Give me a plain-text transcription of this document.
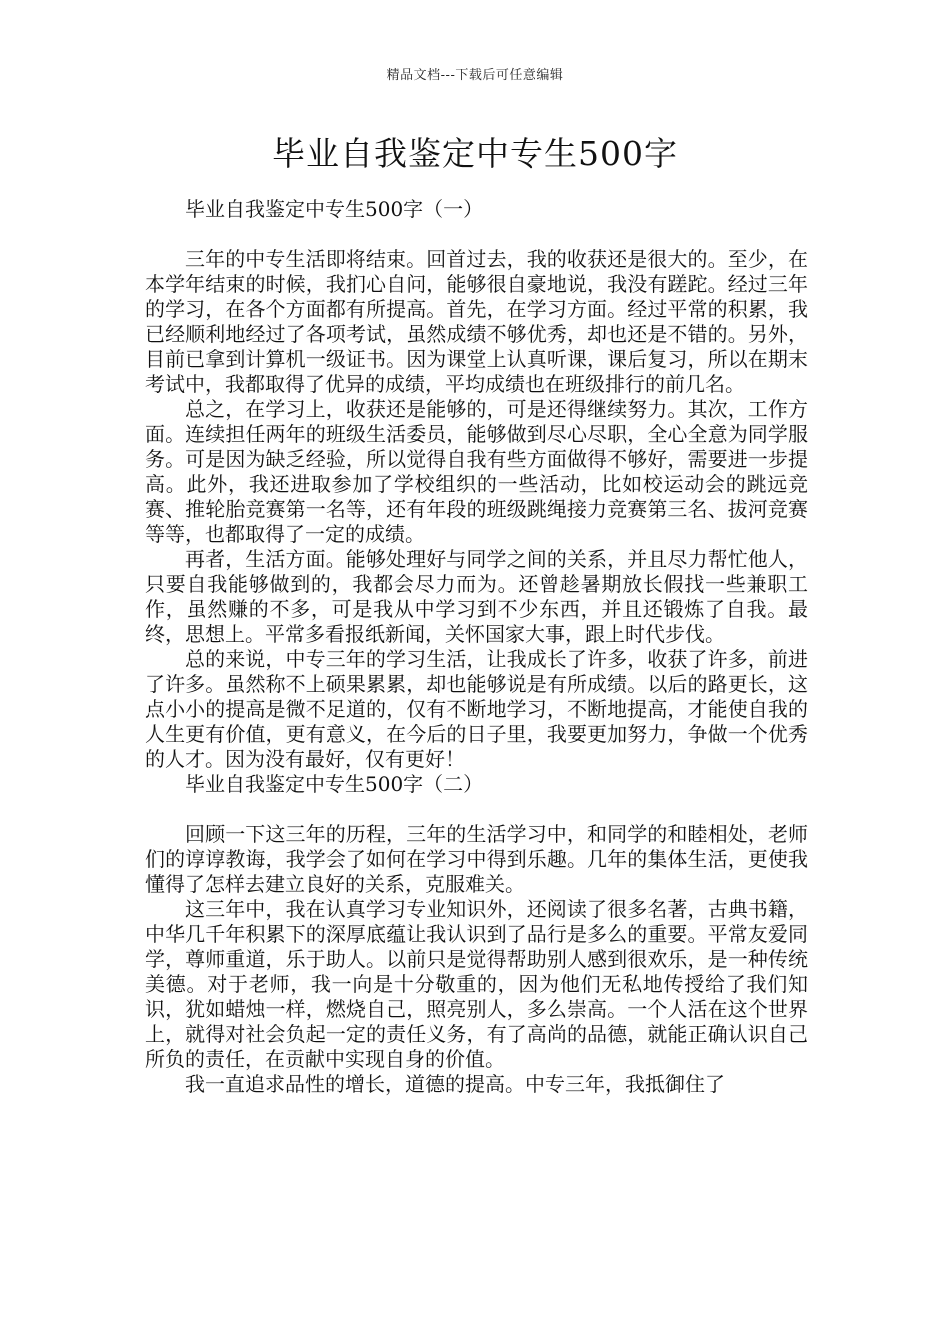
精品文档---下载后可任意编辑
毕业自我鉴定中专生500字

毕业自我鉴定中专生500字（一）

三年的中专生活即将结束。回首过去，我的收获还是很大的。至少，在本学年结束的时候，我扪心自问，能够很自豪地说，我没有蹉跎。经过三年的学习，在各个方面都有所提高。首先，在学习方面。经过平常的积累，我已经顺利地经过了各项考试，虽然成绩不够优秀，却也还是不错的。另外，目前已拿到计算机一级证书。因为课堂上认真听课，课后复习，所以在期末考试中，我都取得了优异的成绩，平均成绩也在班级排行的前几名。

总之，在学习上，收获还是能够的，可是还得继续努力。其次，工作方面。连续担任两年的班级生活委员，能够做到尽心尽职，全心全意为同学服务。可是因为缺乏经验，所以觉得自我有些方面做得不够好，需要进一步提高。此外，我还进取参加了学校组织的一些活动，比如校运动会的跳远竞赛、推轮胎竞赛第一名等，还有年段的班级跳绳接力竞赛第三名、拔河竞赛等等，也都取得了一定的成绩。

再者，生活方面。能够处理好与同学之间的关系，并且尽力帮忙他人，只要自我能够做到的，我都会尽力而为。还曾趁暑期放长假找一些兼职工作，虽然赚的不多，可是我从中学习到不少东西，并且还锻炼了自我。最终，思想上。平常多看报纸新闻，关怀国家大事，跟上时代步伐。

总的来说，中专三年的学习生活，让我成长了许多，收获了许多，前进了许多。虽然称不上硕果累累，却也能够说是有所成绩。以后的路更长，这点小小的提高是微不足道的，仅有不断地学习，不断地提高，才能使自我的人生更有价值，更有意义，在今后的日子里，我要更加努力，争做一个优秀的人才。因为没有最好，仅有更好！

毕业自我鉴定中专生500字（二）

回顾一下这三年的历程，三年的生活学习中，和同学的和睦相处，老师们的谆谆教诲，我学会了如何在学习中得到乐趣。几年的集体生活，更使我懂得了怎样去建立良好的关系，克服难关。

这三年中，我在认真学习专业知识外，还阅读了很多名著，古典书籍，中华几千年积累下的深厚底蕴让我认识到了品行是多么的重要。平常友爱同学，尊师重道，乐于助人。以前只是觉得帮助别人感到很欢乐，是一种传统美德。对于老师，我一向是十分敬重的，因为他们无私地传授给了我们知识，犹如蜡烛一样，燃烧自己，照亮别人，多么崇高。一个人活在这个世界上，就得对社会负起一定的责任义务，有了高尚的品德，就能正确认识自己所负的责任，在贡献中实现自身的价值。

我一直追求品性的增长，道德的提高。中专三年，我抵御住了
